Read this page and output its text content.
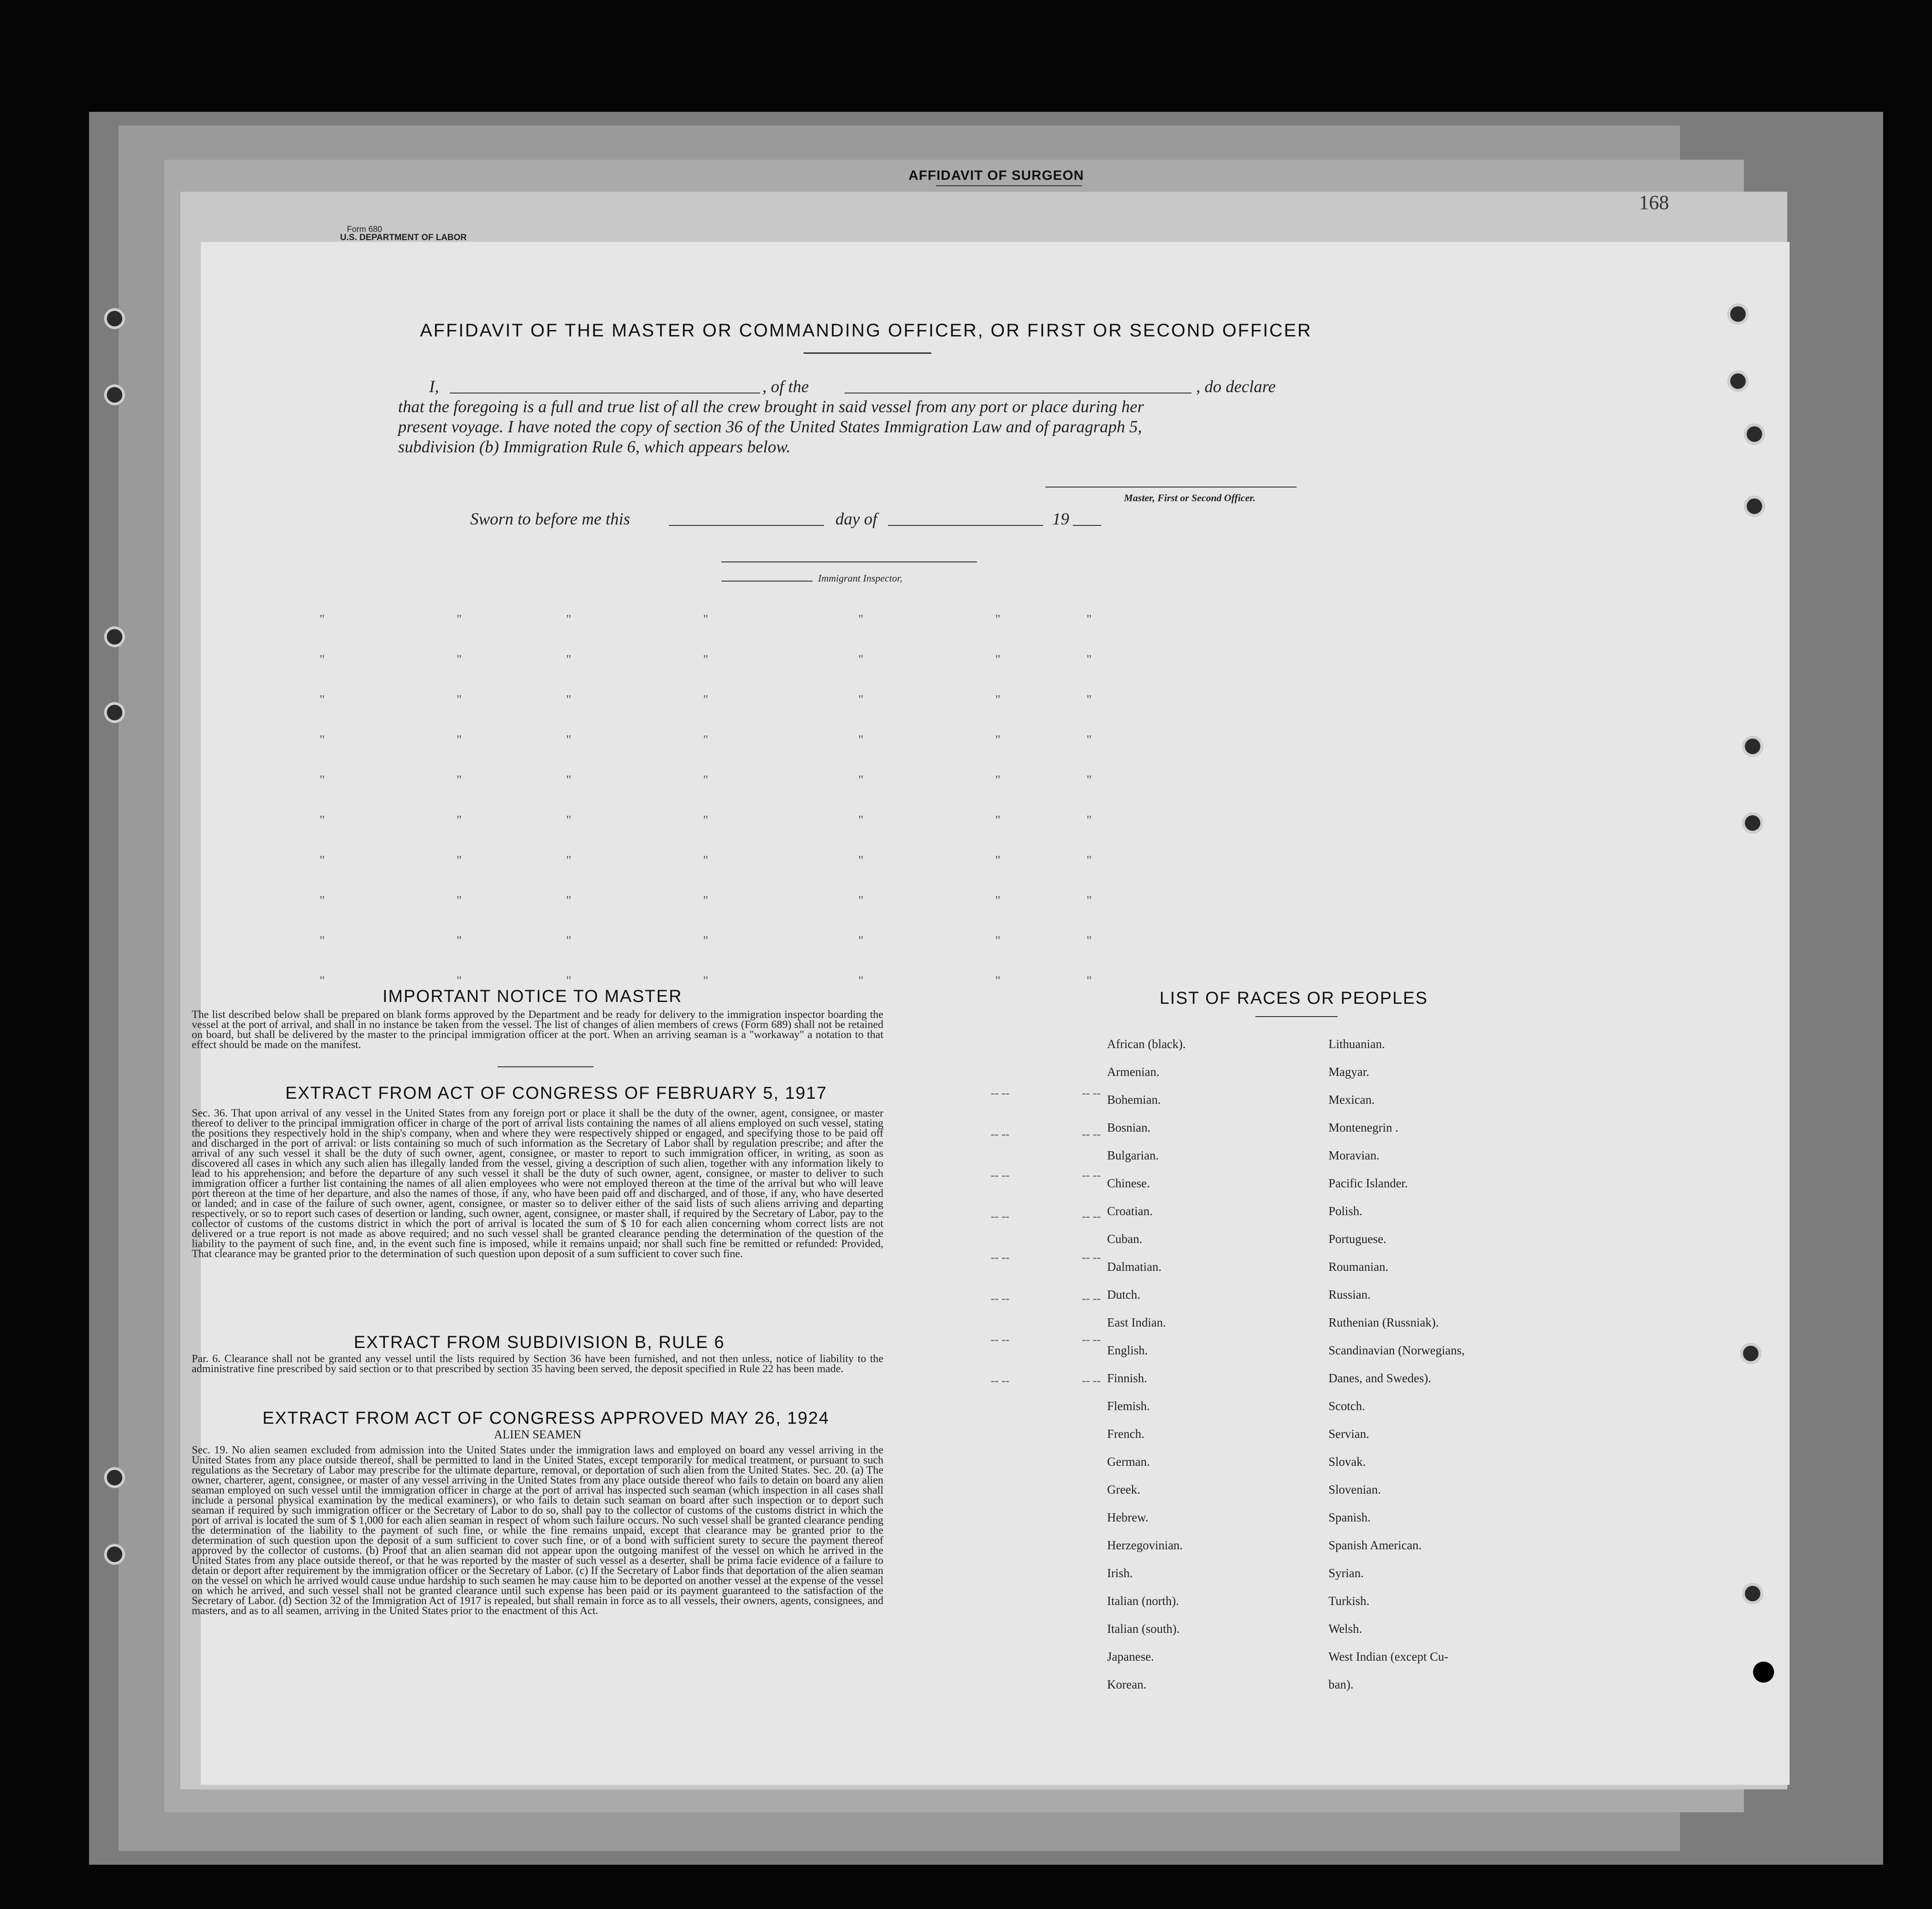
AFFIDAVIT OF SURGEON
168
Form 680
U.S. DEPARTMENT OF LABOR
AFFIDAVIT OF THE MASTER OR COMMANDING OFFICER, OR FIRST OR SECOND OFFICER
I,	, of the	, do declare
that the foregoing is a full and true list of all the crew brought in said vessel from any port or place during her
present voyage. I have noted the copy of section 36 of the United States Immigration Law and of paragraph 5,
subdivision (b) Immigration Rule 6, which appears below.
Master, First or Second Officer.
Sworn to before me this	day of	19
Immigrant Inspector,
"	"	"	"	"	"	"
"	"	"	"	"	"	"
"	"	"	"	"	"	"
"	"	"	"	"	"	"
"	"	"	"	"	"	"
"	"	"	"	"	"	"
"	"	"	"	"	"	"
"	"	"	"	"	"	"
"	"	"	"	"	"	"
"	"	"	"	"	"	"
-- --	-- --
-- --	-- --
-- --	-- --
-- --	-- --
-- --	-- --
-- --	-- --
-- --	-- --
-- --	-- --
IMPORTANT NOTICE TO MASTER
The list described below shall be prepared on blank forms approved by the Department and be ready for delivery to the immigration inspector boarding the vessel at the port of arrival, and shall in no instance be taken from the vessel. The list of changes of alien members of crews (Form 689) shall not be retained on board, but shall be delivered by the master to the principal immigration officer at the port. When an arriving seaman is a "workaway" a notation to that effect should be made on the manifest.
EXTRACT FROM ACT OF CONGRESS OF FEBRUARY 5, 1917
Sec. 36. That upon arrival of any vessel in the United States from any foreign port or place it shall be the duty of the owner, agent, consignee, or master thereof to deliver to the principal immigration officer in charge of the port of arrival lists containing the names of all aliens employed on such vessel, stating the positions they respectively hold in the ship's company, when and where they were respectively shipped or engaged, and specifying those to be paid off and discharged in the port of arrival: or lists containing so much of such information as the Secretary of Labor shall by regulation prescribe; and after the arrival of any such vessel it shall be the duty of such owner, agent, consignee, or master to report to such immigration officer, in writing, as soon as discovered all cases in which any such alien has illegally landed from the vessel, giving a description of such alien, together with any information likely to lead to his apprehension; and before the departure of any such vessel it shall be the duty of such owner, agent, consignee, or master to deliver to such immigration officer a further list containing the names of all alien employees who were not employed thereon at the time of the arrival but who will leave port thereon at the time of her departure, and also the names of those, if any, who have been paid off and discharged, and of those, if any, who have deserted or landed; and in case of the failure of such owner, agent, consignee, or master so to deliver either of the said lists of such aliens arriving and departing respectively, or so to report such cases of desertion or landing, such owner, agent, consignee, or master shall, if required by the Secretary of Labor, pay to the collector of customs of the customs district in which the port of arrival is located the sum of $ 10 for each alien concerning whom correct lists are not delivered or a true report is not made as above required; and no such vessel shall be granted clearance pending the determination of the question of the liability to the payment of such fine, and, in the event such fine is imposed, while it remains unpaid; nor shall such fine be remitted or refunded: Provided, That clearance may be granted prior to the determination of such question upon deposit of a sum sufficient to cover such fine.
EXTRACT FROM SUBDIVISION B, RULE 6
Par. 6. Clearance shall not be granted any vessel until the lists required by Section 36 have been furnished, and not then unless, notice of liability to the administrative fine prescribed by said section or to that prescribed by section 35 having been served, the deposit specified in Rule 22 has been made.
EXTRACT FROM ACT OF CONGRESS APPROVED MAY 26, 1924
ALIEN SEAMEN
Sec. 19. No alien seamen excluded from admission into the United States under the immigration laws and employed on board any vessel arriving in the United States from any place outside thereof, shall be permitted to land in the United States, except temporarily for medical treatment, or pursuant to such regulations as the Secretary of Labor may prescribe for the ultimate departure, removal, or deportation of such alien from the United States. Sec. 20. (a) The owner, charterer, agent, consignee, or master of any vessel arriving in the United States from any place outside thereof who fails to detain on board any alien seaman employed on such vessel until the immigration officer in charge at the port of arrival has inspected such seaman (which inspection in all cases shall include a personal physical examination by the medical examiners), or who fails to detain such seaman on board after such inspection or to deport such seaman if required by such immigration officer or the Secretary of Labor to do so, shall pay to the collector of customs of the customs district in which the port of arrival is located the sum of $ 1,000 for each alien seaman in respect of whom such failure occurs. No such vessel shall be granted clearance pending the determination of the liability to the payment of such fine, or while the fine remains unpaid, except that clearance may be granted prior to the determination of such question upon the deposit of a sum sufficient to cover such fine, or of a bond with sufficient surety to secure the payment thereof approved by the collector of customs. (b) Proof that an alien seaman did not appear upon the outgoing manifest of the vessel on which he arrived in the United States from any place outside thereof, or that he was reported by the master of such vessel as a deserter, shall be prima facie evidence of a failure to detain or deport after requirement by the immigration officer or the Secretary of Labor. (c) If the Secretary of Labor finds that deportation of the alien seaman on the vessel on which he arrived would cause undue hardship to such seamen he may cause him to be deported on another vessel at the expense of the vessel on which he arrived, and such vessel shall not be granted clearance until such expense has been paid or its payment guaranteed to the satisfaction of the Secretary of Labor. (d) Section 32 of the Immigration Act of 1917 is repealed, but shall remain in force as to all vessels, their owners, agents, consignees, and masters, and as to all seamen, arriving in the United States prior to the enactment of this Act.
LIST OF RACES OR PEOPLES
African (black).
Armenian.
Bohemian.
Bosnian.
Bulgarian.
Chinese.
Croatian.
Cuban.
Dalmatian.
Dutch.
East Indian.
English.
Finnish.
Flemish.
French.
German.
Greek.
Hebrew.
Herzegovinian.
Irish.
Italian (north).
Italian (south).
Japanese.
Korean.
Lithuanian.
Magyar.
Mexican.
Montenegrin .
Moravian.
Pacific Islander.
Polish.
Portuguese.
Roumanian.
Russian.
Ruthenian (Russniak).
Scandinavian (Norwegians,
Danes, and Swedes).
Scotch.
Servian.
Slovak.
Slovenian.
Spanish.
Spanish American.
Syrian.
Turkish.
Welsh.
West Indian (except Cu-
ban).
